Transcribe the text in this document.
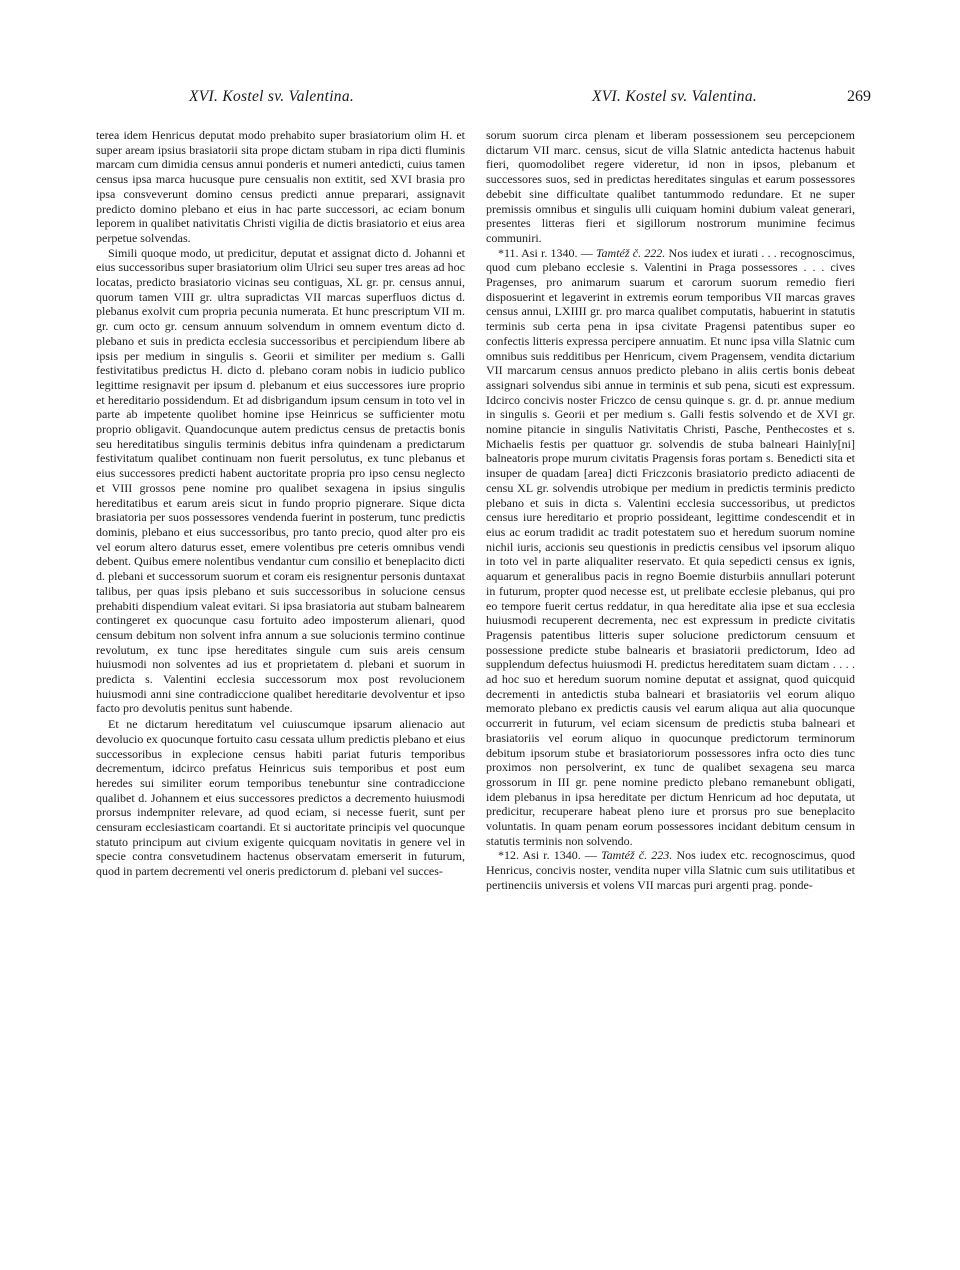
XVI. Kostel sv. Valentina.	XVI. Kostel sv. Valentina.	269

terea idem Henricus deputat modo prehabito super brasiatorium olim H. et super aream ipsius brasiatorii sita prope dictam stubam in ripa dicti fluminis marcam cum dimidia census annui ponderis et numeri antedicti, cuius tamen census ipsa marca hucusque pure censualis non extitit, sed XVI brasia pro ipsa consveverunt domino census predicti annue preparari, assignavit predicto domino plebano et eius in hac parte successori, ac eciam bonum leporem in qualibet nativitatis Christi vigilia de dictis brasiatorio et eius area perpetue solvendas.

Simili quoque modo, ut predicitur, deputat et assignat dicto d. Johanni et eius successoribus super brasiatorium olim Ulrici seu super tres areas ad hoc locatas, predicto brasiatorio vicinas seu contiguas, XL gr. pr. census annui, quorum tamen VIII gr. ultra supradictas VII marcas superfluos dictus d. plebanus exolvit cum propria pecunia numerata. Et hunc prescriptum VII m. gr. cum octo gr. censum annuum solvendum in omnem eventum dicto d. plebano et suis in predicta ecclesia successoribus et percipiendum libere ab ipsis per medium in singulis s. Georii et similiter per medium s. Galli festivitatibus predictus H. dicto d. plebano coram nobis in iudicio publico legittime resignavit per ipsum d. plebanum et eius successores iure proprio et hereditario possidendum. Et ad disbrigandum ipsum censum in toto vel in parte ab impetente quolibet homine ipse Heinricus se sufficienter motu proprio obligavit. Quandocunque autem predictus census de pretactis bonis seu hereditatibus singulis terminis debitus infra quindenam a predictarum festivitatum qualibet continuam non fuerit persolutus, ex tunc plebanus et eius successores predicti habent auctoritate propria pro ipso censu neglecto et VIII grossos pene nomine pro qualibet sexagena in ipsius singulis hereditatibus et earum areis sicut in fundo proprio pignerare. Sique dicta brasiatoria per suos possessores vendenda fuerint in posterum, tunc predictis dominis, plebano et eius successoribus, pro tanto precio, quod alter pro eis vel eorum altero daturus esset, emere volentibus pre ceteris omnibus vendi debent. Quibus emere nolentibus vendantur cum consilio et beneplacito dicti d. plebani et successorum suorum et coram eis resignentur personis duntaxat talibus, per quas ipsis plebano et suis successoribus in solucione census prehabiti dispendium valeat evitari. Si ipsa brasiatoria aut stubam balnearem contingeret ex quocunque casu fortuito adeo imposterum alienari, quod censum debitum non solvent infra annum a sue solucionis termino continue revolutum, ex tunc ipse hereditates singule cum suis areis censum huiusmodi non solventes ad ius et proprietatem d. plebani et suorum in predicta s. Valentini ecclesia successorum mox post revolucionem huiusmodi anni sine contradiccione qualibet hereditarie devolventur et ipso facto pro devolutis penitus sunt habende.

Et ne dictarum hereditatum vel cuiuscumque ipsarum alienacio aut devolucio ex quocunque fortuito casu cessata ullum predictis plebano et eius successoribus in explecione census habiti pariat futuris temporibus decrementum, idcirco prefatus Heinricus suis temporibus et post eum heredes sui similiter eorum temporibus tenebuntur sine contradiccione qualibet d. Johannem et eius successores predictos a decremento huiusmodi prorsus indempniter relevare, ad quod eciam, si necesse fuerit, sunt per censuram ecclesiasticam coartandi. Et si auctoritate principis vel quocunque statuto principum aut civium exigente quicquam novitatis in genere vel in specie contra consvetudinem hactenus observatam emerserit in futurum, quod in partem decrementi vel oneris predictorum d. plebani vel succes-

sorum suorum circa plenam et liberam possessionem seu percepcionem dictarum VII marc. census, sicut de villa Slatnic antedicta hactenus habuit fieri, quomodolibet regere videretur, id non in ipsos, plebanum et successores suos, sed in predictas hereditates singulas et earum possessores debebit sine difficultate qualibet tantummodo redundare. Et ne super premissis omnibus et singulis ulli cuiquam homini dubium valeat generari, presentes litteras fieri et sigillorum nostrorum munimine fecimus communiri.

*11. Asi r. 1340. — Tamtéž č. 222. Nos iudex et iurati . . . recognoscimus, quod cum plebano ecclesie s. Valentini in Praga possessores . . . cives Pragenses, pro animarum suarum et carorum suorum remedio fieri disposuerint et legaverint in extremis eorum temporibus VII marcas graves census annui, LXIIII gr. pro marca qualibet computatis, habuerint in statutis terminis sub certa pena in ipsa civitate Pragensi patentibus super eo confectis litteris expressa percipere annuatim. Et nunc ipsa villa Slatnic cum omnibus suis redditibus per Henricum, civem Pragensem, vendita dictarium VII marcarum census annuos predicto plebano in aliis certis bonis debeat assignari solvendus sibi annue in terminis et sub pena, sicuti est expressum. Idcirco concivis noster Friczco de censu quinque s. gr. d. pr. annue medium in singulis s. Georii et per medium s. Galli festis solvendo et de XVI gr. nomine pitancie in singulis Nativitatis Christi, Pasche, Penthecostes et s. Michaelis festis per quattuor gr. solvendis de stuba balneari Hainly[ni] balneatoris prope murum civitatis Pragensis foras portam s. Benedicti sita et insuper de quadam [area] dicti Friczconis brasiatorio predicto adiacenti de censu XL gr. solvendis utrobique per medium in predictis terminis predicto plebano et suis in dicta s. Valentini ecclesia successoribus, ut predictos census iure hereditario et proprio possideant, legittime condescendit et in eius ac eorum tradidit ac tradit potestatem suo et heredum suorum nomine nichil iuris, accionis seu questionis in predictis censibus vel ipsorum aliquo in toto vel in parte aliqualiter reservato. Et quia sepedicti census ex ignis, aquarum et generalibus pacis in regno Boemie disturbiis annullari poterunt in futurum, propter quod necesse est, ut prelibate ecclesie plebanus, qui pro eo tempore fuerit certus reddatur, in qua hereditate alia ipse et sua ecclesia huiusmodi recuperent decrementa, nec est expressum in predicte civitatis Pragensis patentibus litteris super solucione predictorum censuum et possessione predicte stube balnearis et brasiatorii predictorum, Ideo ad supplendum defectus huiusmodi H. predictus hereditatem suam dictam . . . . ad hoc suo et heredum suorum nomine deputat et assignat, quod quicquid decrementi in antedictis stuba balneari et brasiatoriis vel eorum aliquo memorato plebano ex predictis causis vel earum aliqua aut alia quocunque occurrerit in futurum, vel eciam sicensum de predictis stuba balneari et brasiatoriis vel eorum aliquo in quocunque predictorum terminorum debitum ipsorum stube et brasiatoriorum possessores infra octo dies tunc proximos non persolverint, ex tunc de qualibet sexagena seu marca grossorum in III gr. pene nomine predicto plebano remanebunt obligati, idem plebanus in ipsa hereditate per dictum Henricum ad hoc deputata, ut predicitur, recuperare habeat pleno iure et prorsus pro sue beneplacito voluntatis. In quam penam eorum possessores incidant debitum censum in statutis terminis non solvendo.

*12. Asi r. 1340. — Tamtéž č. 223. Nos iudex etc. recognoscimus, quod Henricus, concivis noster, vendita nuper villa Slatnic cum suis utilitatibus et pertinenciis universis et volens VII marcas puri argenti prag. ponde-
